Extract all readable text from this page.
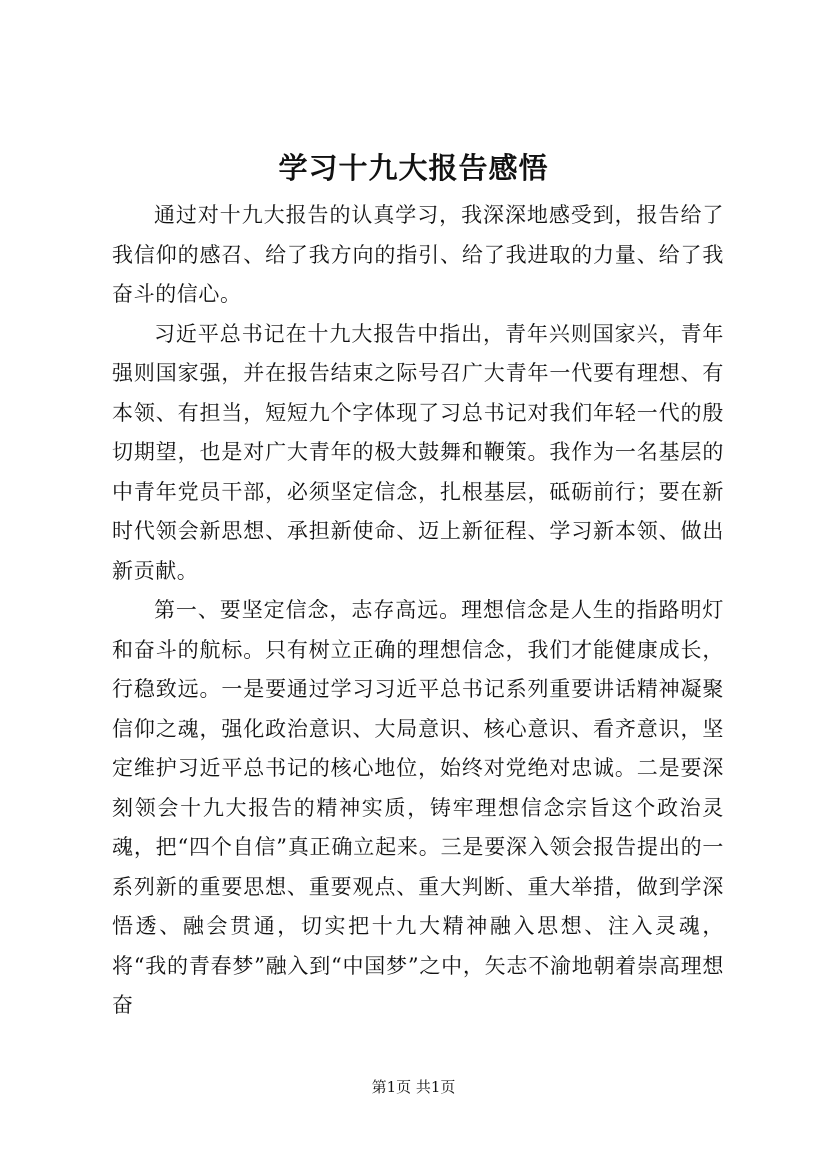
学习十九大报告感悟

通过对十九大报告的认真学习，我深深地感受到，报告给了我信仰的感召、给了我方向的指引、给了我进取的力量、给了我奋斗的信心。

习近平总书记在十九大报告中指出，青年兴则国家兴，青年强则国家强，并在报告结束之际号召广大青年一代要有理想、有本领、有担当，短短九个字体现了习总书记对我们年轻一代的殷切期望，也是对广大青年的极大鼓舞和鞭策。我作为一名基层的中青年党员干部，必须坚定信念，扎根基层，砥砺前行；要在新时代领会新思想、承担新使命、迈上新征程、学习新本领、做出新贡献。

第一、要坚定信念，志存高远。理想信念是人生的指路明灯和奋斗的航标。只有树立正确的理想信念，我们才能健康成长，行稳致远。一是要通过学习习近平总书记系列重要讲话精神凝聚信仰之魂，强化政治意识、大局意识、核心意识、看齐意识，坚定维护习近平总书记的核心地位，始终对党绝对忠诚。二是要深刻领会十九大报告的精神实质，铸牢理想信念宗旨这个政治灵魂，把“四个自信”真正确立起来。三是要深入领会报告提出的一系列新的重要思想、重要观点、重大判断、重大举措，做到学深悟透、融会贯通，切实把十九大精神融入思想、注入灵魂，将“我的青春梦”融入到“中国梦”之中，矢志不渝地朝着崇高理想奋

第1页 共1页
